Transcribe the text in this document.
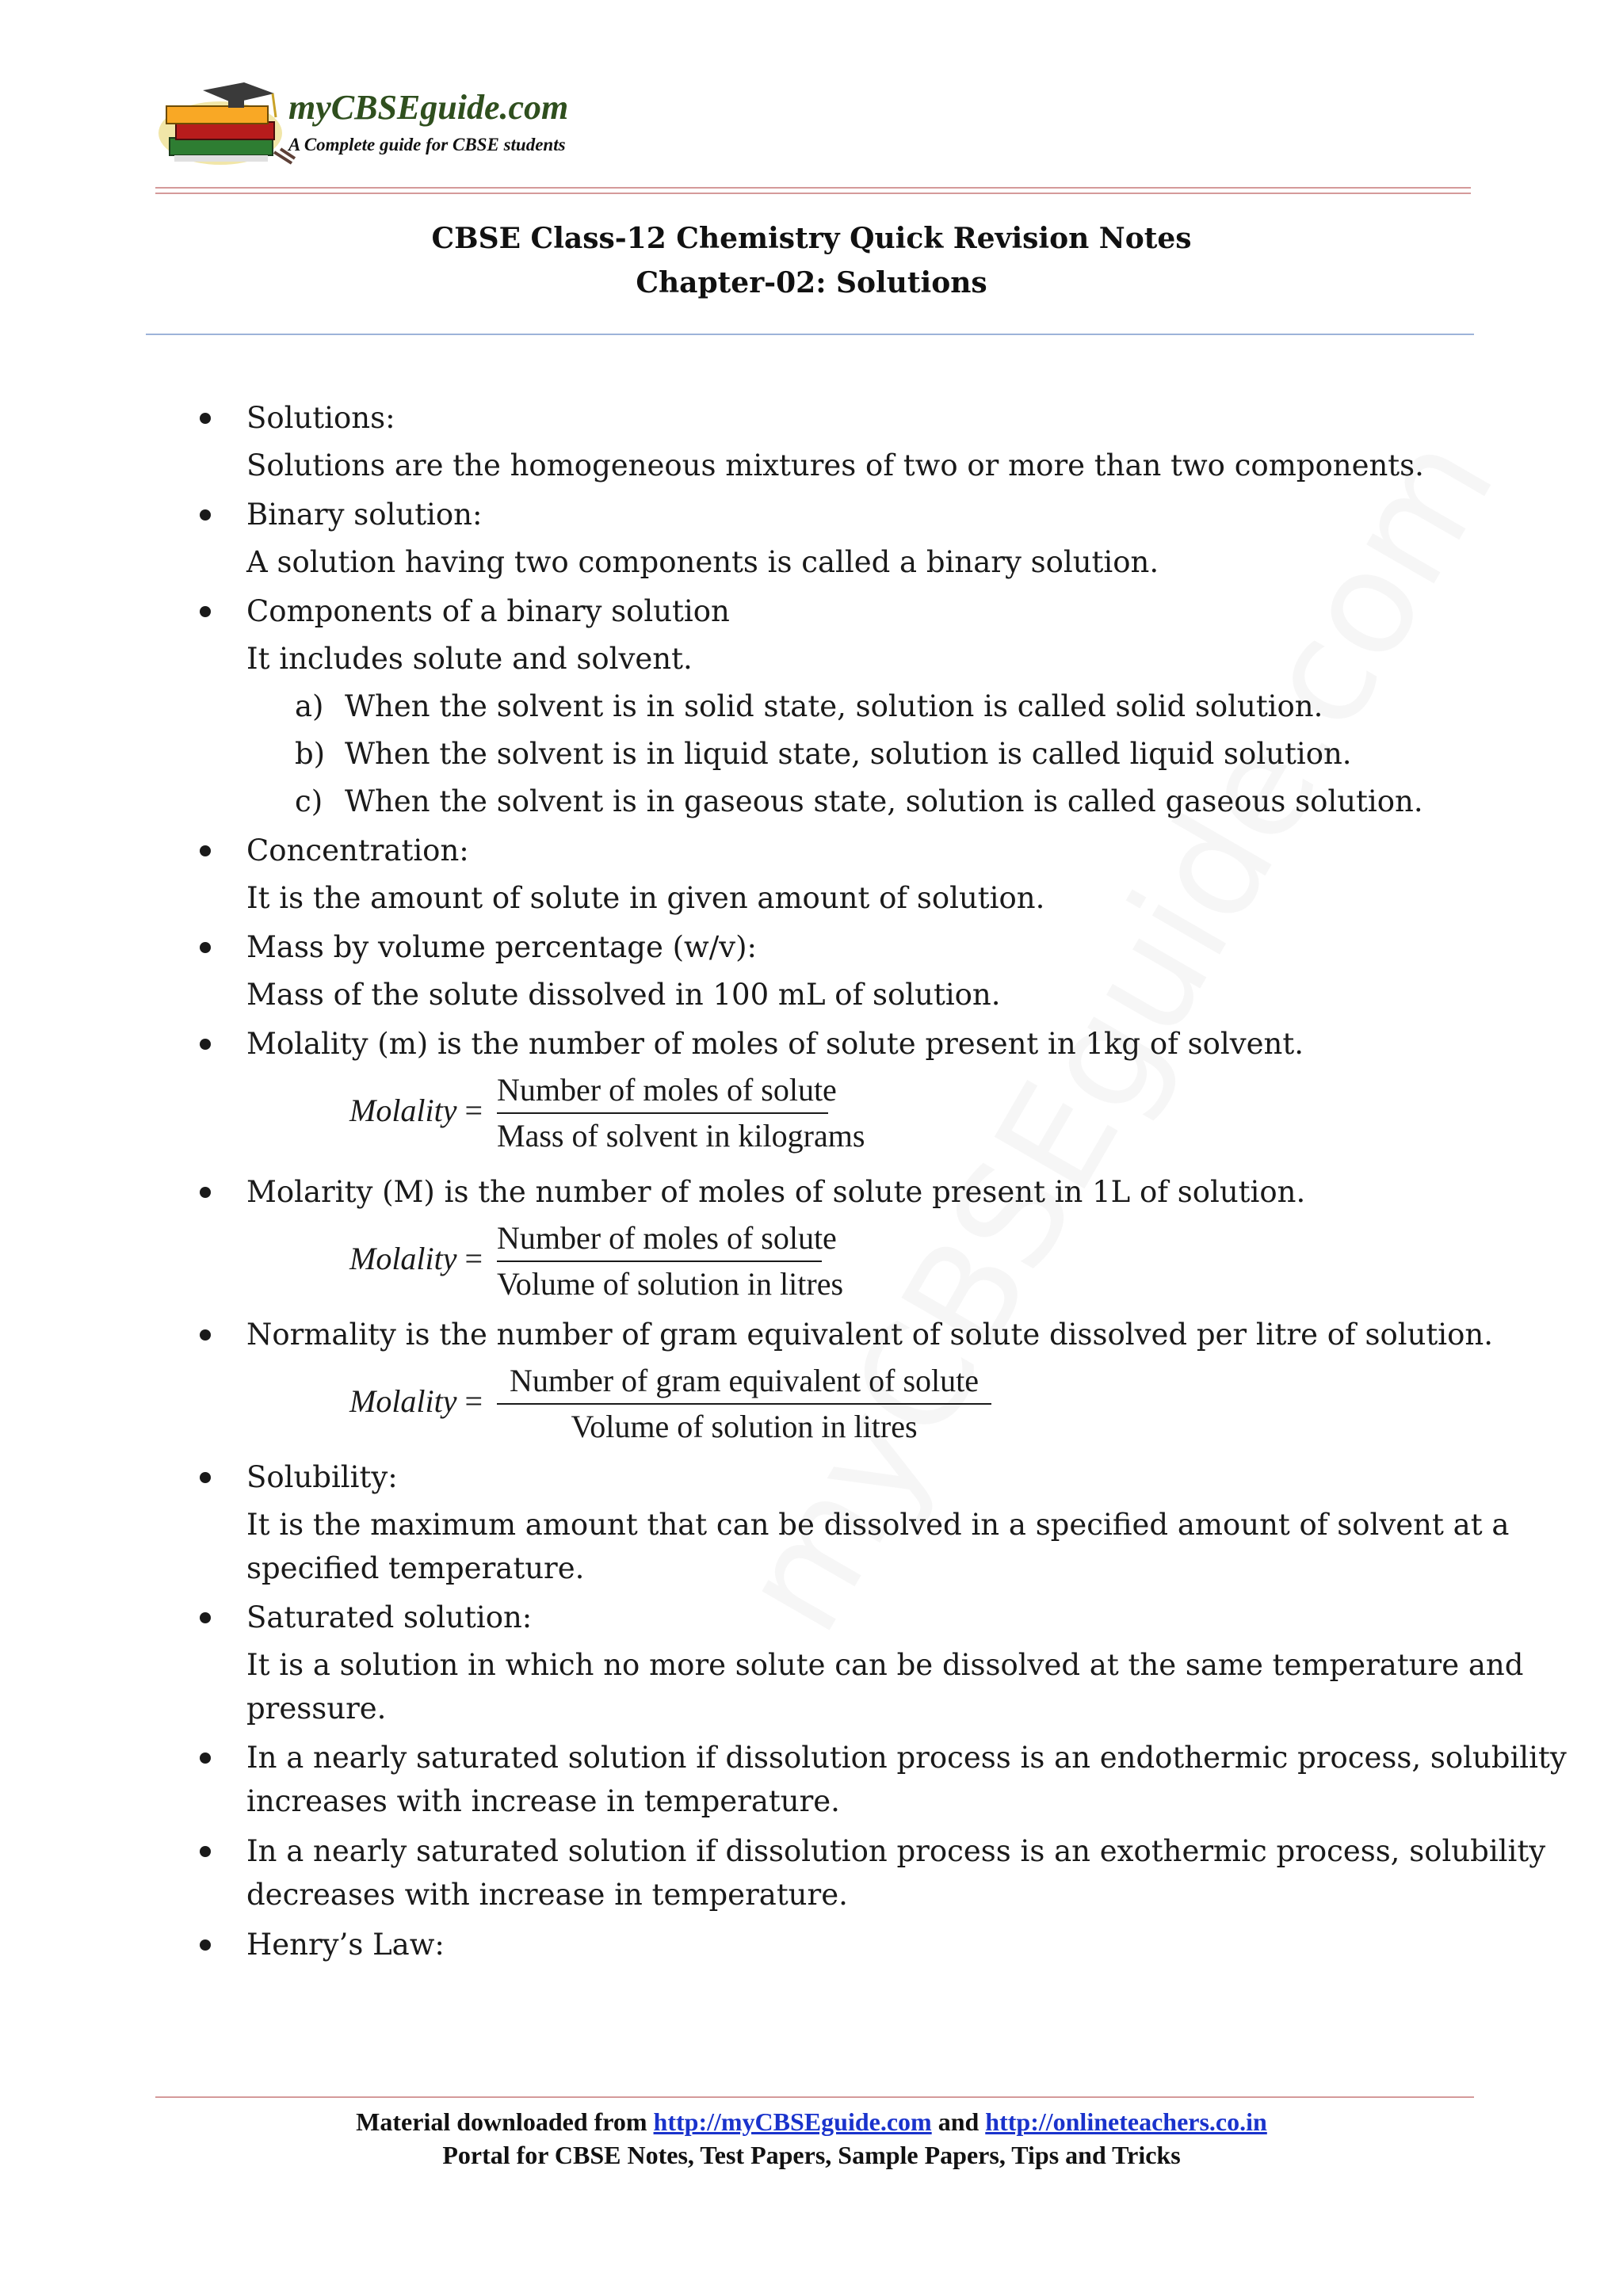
myCBSEguide.com

A Complete guide for CBSE students

CBSE Class-12 Chemistry Quick Revision Notes

Chapter-02: Solutions

Solutions:

Solutions are the homogeneous mixtures of two or more than two components.

Binary solution:

A solution having two components is called a binary solution.

Components of a binary solution

It includes solute and solvent.

a) When the solvent is in solid state, solution is called solid solution.

b) When the solvent is in liquid state, solution is called liquid solution.

c) When the solvent is in gaseous state, solution is called gaseous solution.

Concentration:

It is the amount of solute in given amount of solution.

Mass by volume percentage (w/v):

Mass of the solute dissolved in 100 mL of solution.

Molality (m) is the number of moles of solute present in 1kg of solvent.

Molality =
Number of moles of solute
Mass of solvent in kilograms

Molarity (M) is the number of moles of solute present in 1L of solution.

Molality =
Number of moles of solute
Volume of solution in litres

Normality is the number of gram equivalent of solute dissolved per litre of solution.

Molality =
Number of gram equivalent of solute
Volume of solution in litres

Solubility:

It is the maximum amount that can be dissolved in a specified amount of solvent at a

specified temperature.

Saturated solution:

It is a solution in which no more solute can be dissolved at the same temperature and

pressure.

In a nearly saturated solution if dissolution process is an endothermic process, solubility

increases with increase in temperature.

In a nearly saturated solution if dissolution process is an exothermic process, solubility

decreases with increase in temperature.

Henry’s Law:

Material downloaded from http://myCBSEguide.com and http://onlineteachers.co.in

Portal for CBSE Notes, Test Papers, Sample Papers, Tips and Tricks
